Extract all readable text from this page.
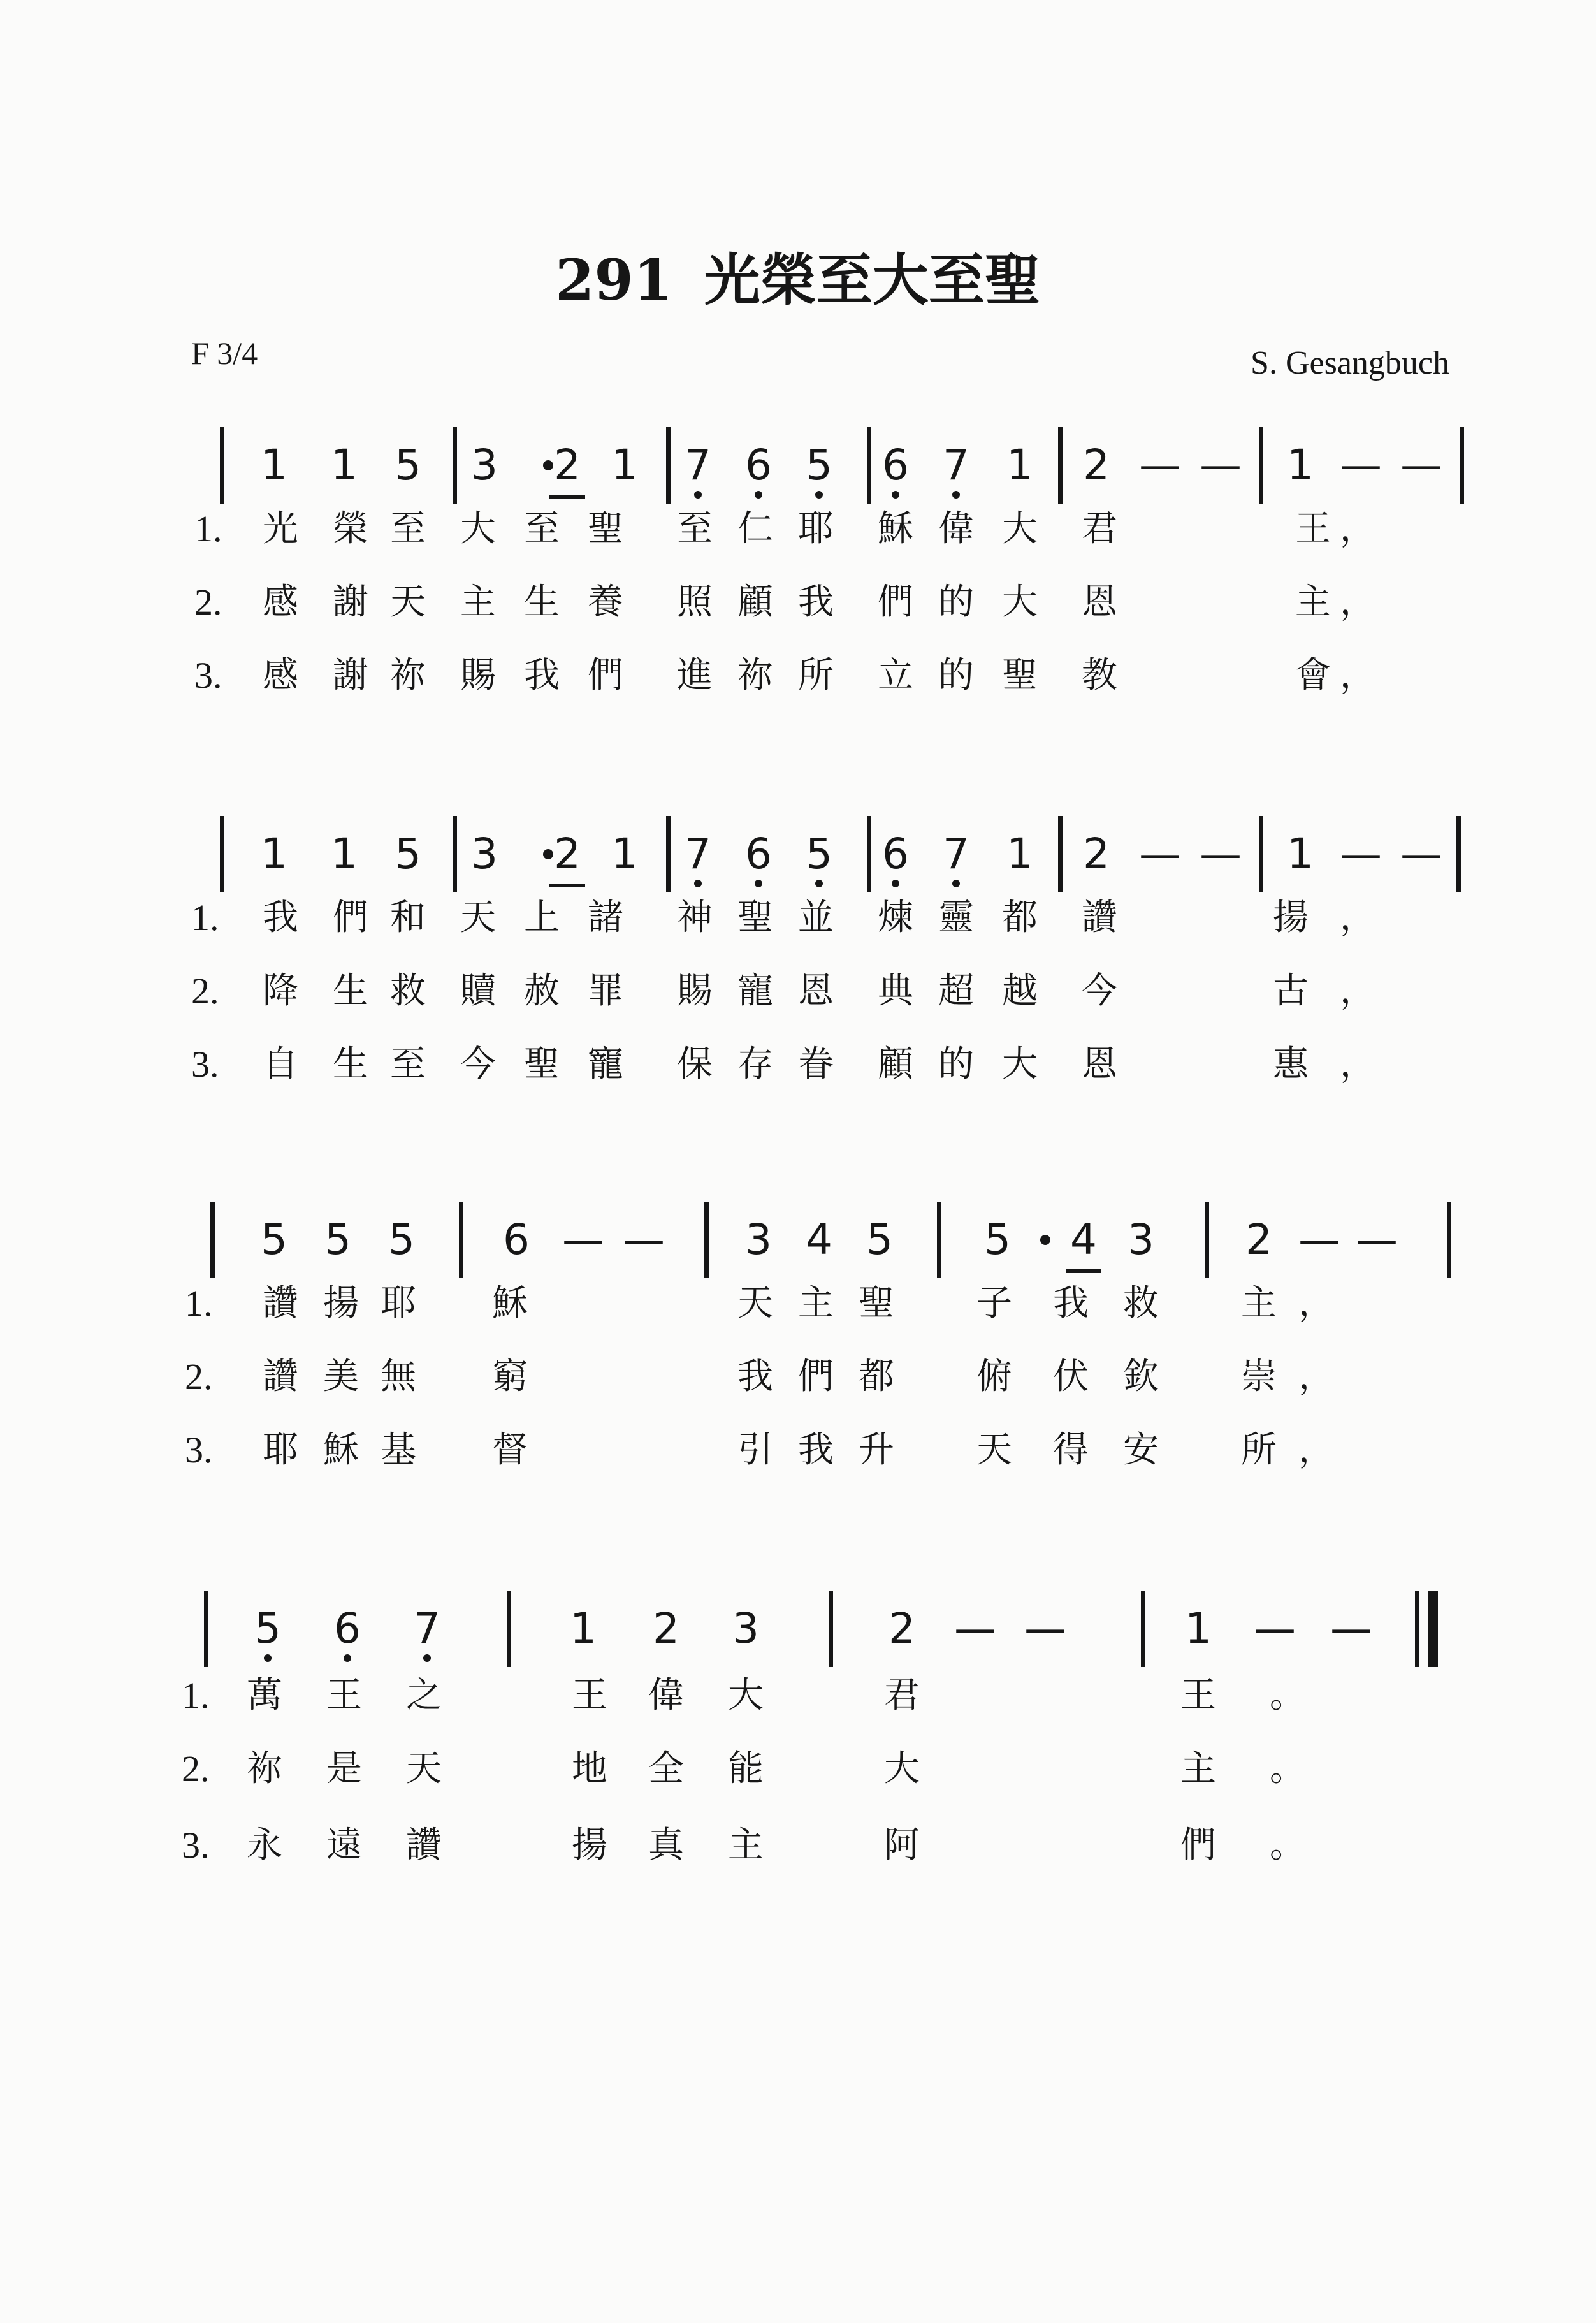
291 光榮至大至聖
F 3/4	S. Gesangbuch
1 1 5 3 2 1 7 6 5 6 7 1 2 — — 1 — —
1.	光 榮 至 大 至 聖	至 仁 耶	穌 偉 大	君	王 ，
2.	感 謝 天 主 生 養	照 顧 我	們 的 大	恩	主 ，
3.	感 謝 祢 賜 我 們	進 祢 所	立 的 聖	教	會 ，
1 1 5 3 2 1 7 6 5 6 7 1 2 — — 1 — —
1.	我 們 和 天 上 諸	神 聖 並	煉 靈 都	讚	揚 ，
2.	降 生 救 贖 赦 罪	賜 寵 恩	典 超 越	今	古 ，
3.	自 生 至 今 聖 寵	保 存 眷	顧 的 大	恩	惠 ，
5 5 5 6 — — 3 4 5 5 4 3 2 — —
1.	讚 揚 耶	穌	天 主 聖	子	我 救	主 ，
2.	讚 美 無	窮	我 們 都	俯	伏 欽	崇 ，
3.	耶 穌 基	督	引 我 升	天	得 安	所 ，
5 6 7	1 2 3	2 — —	1 — —
1.	萬	王	之	王	偉	大	君	王	。
2.	祢	是	天	地	全	能	大	主	。
3.	永	遠	讚	揚	真	主	阿	們	。
